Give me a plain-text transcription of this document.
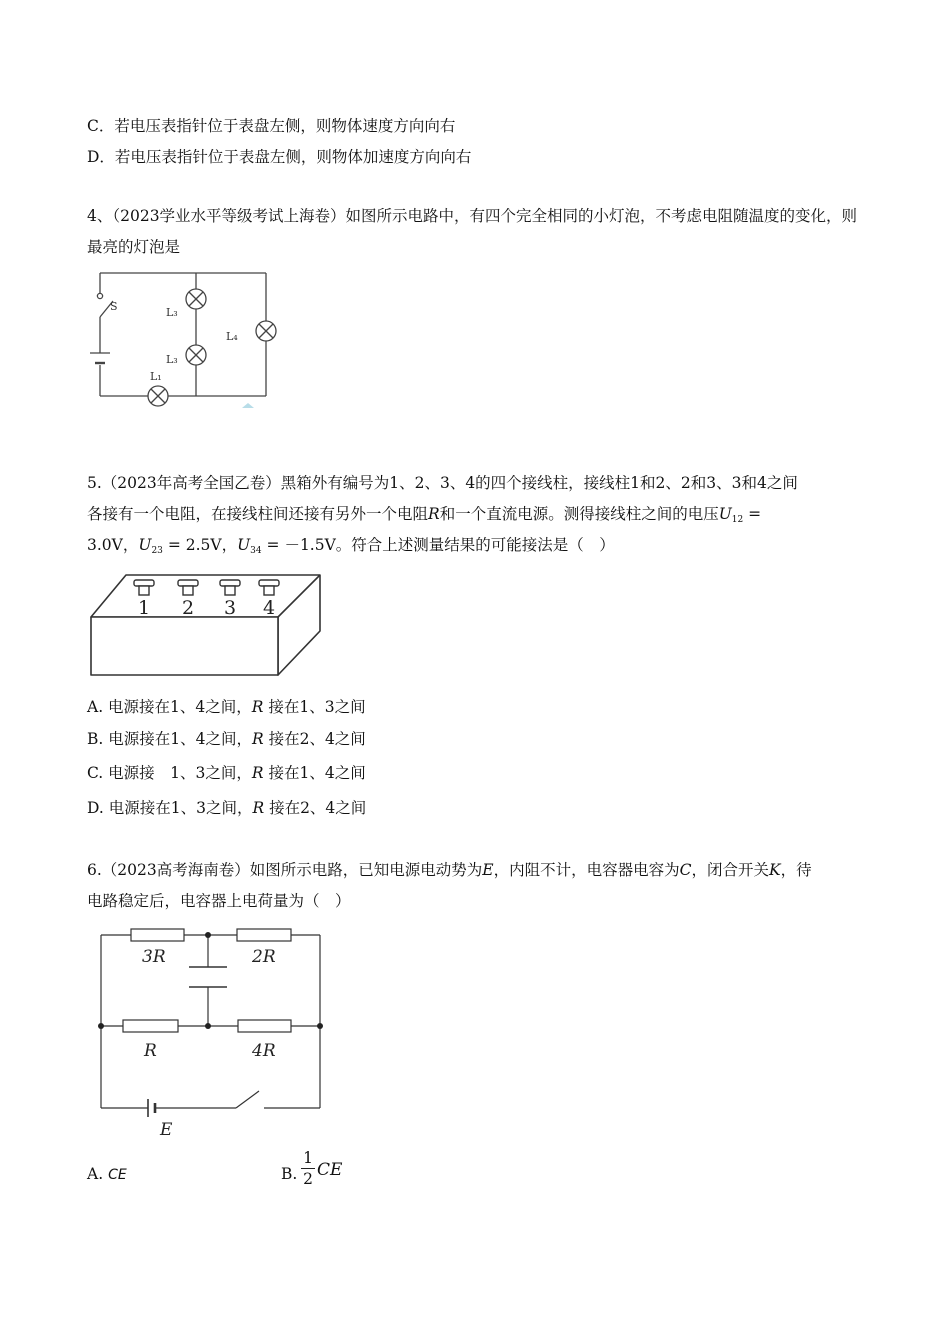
C．若电压表指针位于表盘左侧，则物体速度方向向右
D．若电压表指针位于表盘左侧，则物体加速度方向向右
4、（2023学业水平等级考试上海卷）如图所示电路中，有四个完全相同的小灯泡，不考虑电阻随温度的变化，则最亮的灯泡是
S	L₃
L₃
L₄
L₁
5.（2023年高考全国乙卷）黑箱外有编号为1、2、3、4的四个接线柱，接线柱1和2、2和3、3和4之间
各接有一个电阻，在接线柱间还接有另外一个电阻R和一个直流电源。测得接线柱之间的电压$U_{12}$ =
3.0V，$U_{23} = 2.5V$，$U_{34} = -1.5V$。符合上述测量结果的可能接法是（　）
1 2 3 4
A. 电源接在1、4之间，R 接在1、3之间
B. 电源接在1、4之间，R 接在2、4之间
C. 电源接　1、3之间，R 接在1、4之间
D. 电源接在1、3之间，R 接在2、4之间
6.（2023高考海南卷）如图所示电路，已知电源电动势为E，内阻不计，电容器电容为C，闭合开关K，待
电路稳定后，电容器上电荷量为（　）
3R	2R
R	4R
E
A. CE	B.
1
2 CE
